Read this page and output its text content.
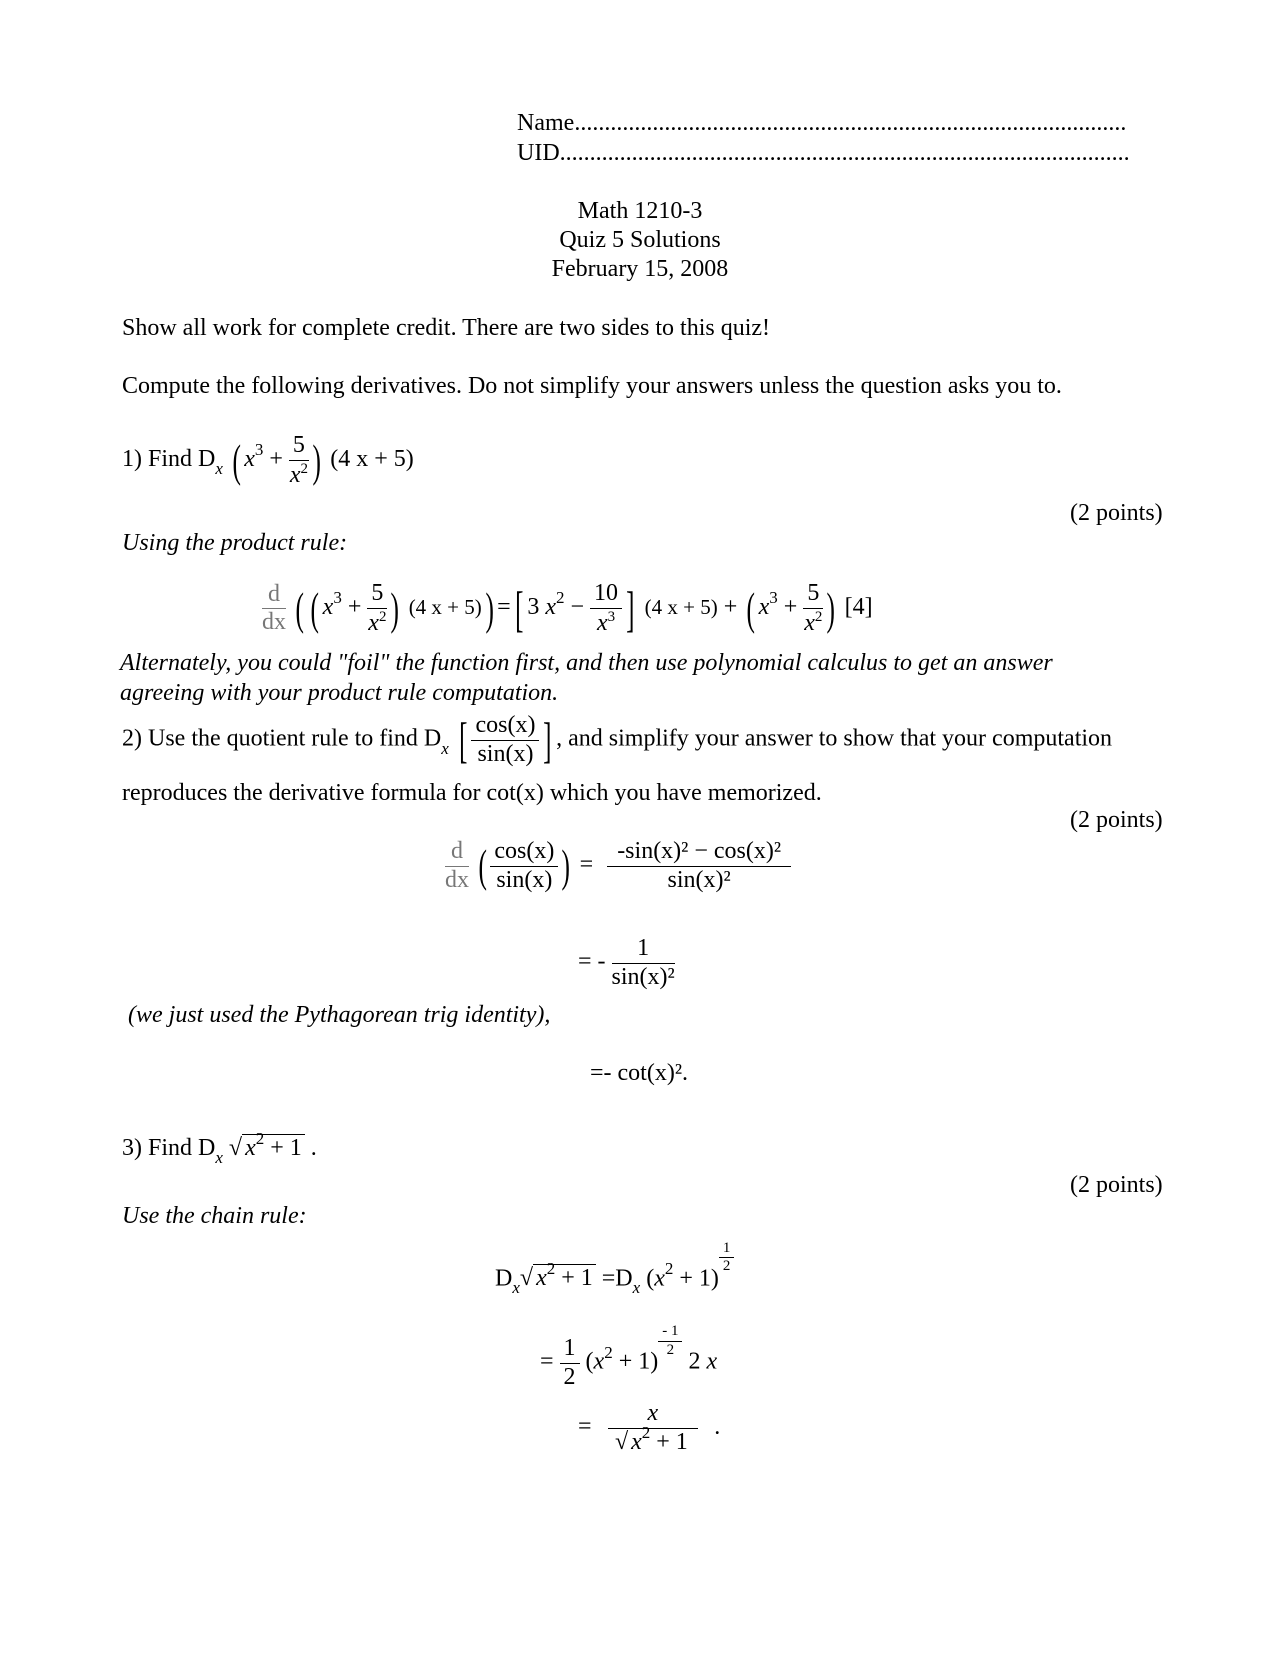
Name............................................................................................
UID...............................................................................................
Math 1210-3
Quiz 5 Solutions
February 15, 2008
Show all work for complete credit. There are two sides to this quiz!
Compute the following derivatives. Do not simplify your answers unless the question asks you to.
1) Find $D_x$ ( $x^3 + \frac{5}{x^2}$ ) (4 x + 5)
(2 points)
Using the product rule:
$\frac{d}{dx}$ ( ( $x^3 + \frac{5}{x^2}$ ) (4 x + 5)) =[ 3 $x^2 - \frac{10}{x^3}$ ] (4 x + 5) + ( $x^3 + \frac{5}{x^2}$ ) [4]
Alternately, you could "foil" the function first, and then use polynomial calculus to get an answer
agreeing with your product rule computation.
2) Use the quotient rule to find $D_x$ [ $\frac{\cos(x)}{\sin(x)}$ ] , and simplify your answer to show that your computation
reproduces the derivative formula for cot(x) which you have memorized.
(2 points)
$\frac{d}{dx}$ ( $\frac{\cos(x)}{\sin(x)}$ ) = $\frac{\text{-sin(x)² − cos(x)²}}{\text{sin(x)²}}$
= - $\frac{1}{\text{sin(x)²}}$
(we just used the Pythagorean trig identity),
=- cot(x)².
3) Find $D_x$ √ $x^2 + 1$ .
(2 points)
Use the chain rule:
$D_x√$ $x^2 + 1 =D_x$ $(x^2 + 1)$
$\frac{1}{2}$
= $\frac{1}{2} (x^2 + 1)$
$\frac{- 1}{2}$
2 x
= $\frac{x}{√ x^2 + 1}$ .
